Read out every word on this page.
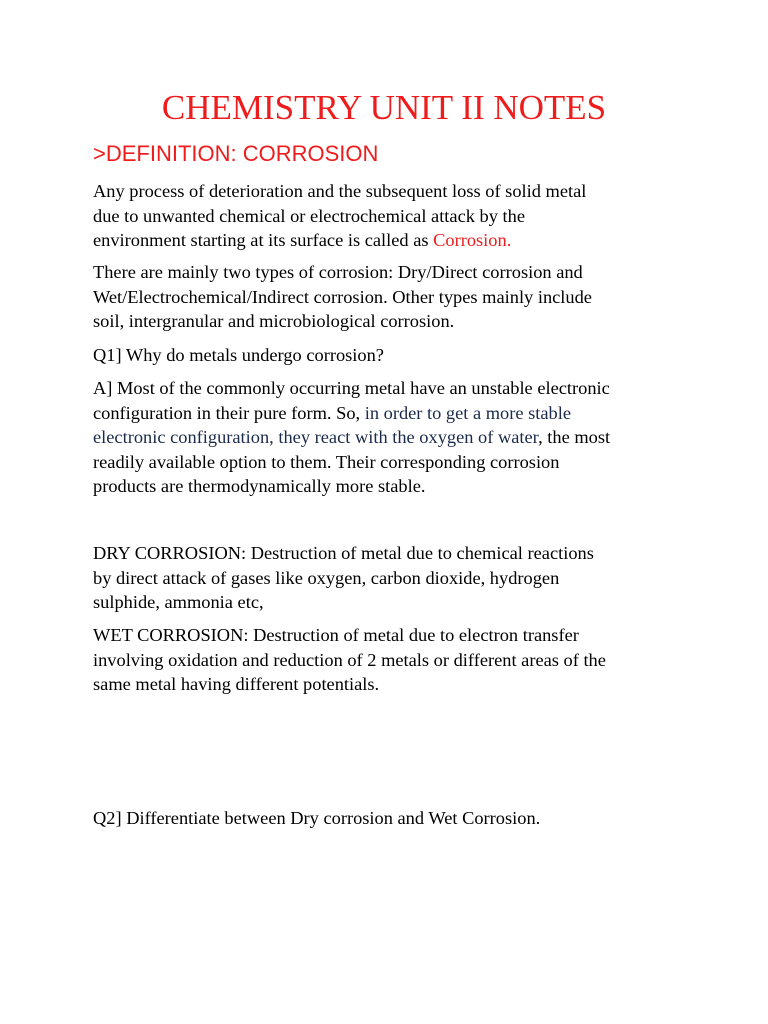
CHEMISTRY UNIT II NOTES
>DEFINITION: CORROSION
Any process of deterioration and the subsequent loss of solid metal
due to unwanted chemical or electrochemical attack by the
environment starting at its surface is called as Corrosion.
There are mainly two types of corrosion: Dry/Direct corrosion and
Wet/Electrochemical/Indirect corrosion. Other types mainly include
soil, intergranular and microbiological corrosion.
Q1] Why do metals undergo corrosion?
A] Most of the commonly occurring metal have an unstable electronic
configuration in their pure form. So, in order to get a more stable
electronic configuration, they react with the oxygen of water, the most
readily available option to them. Their corresponding corrosion
products are thermodynamically more stable.
DRY CORROSION: Destruction of metal due to chemical reactions
by direct attack of gases like oxygen, carbon dioxide, hydrogen
sulphide, ammonia etc,
WET CORROSION: Destruction of metal due to electron transfer
involving oxidation and reduction of 2 metals or different areas of the
same metal having different potentials.
Q2] Differentiate between Dry corrosion and Wet Corrosion.
